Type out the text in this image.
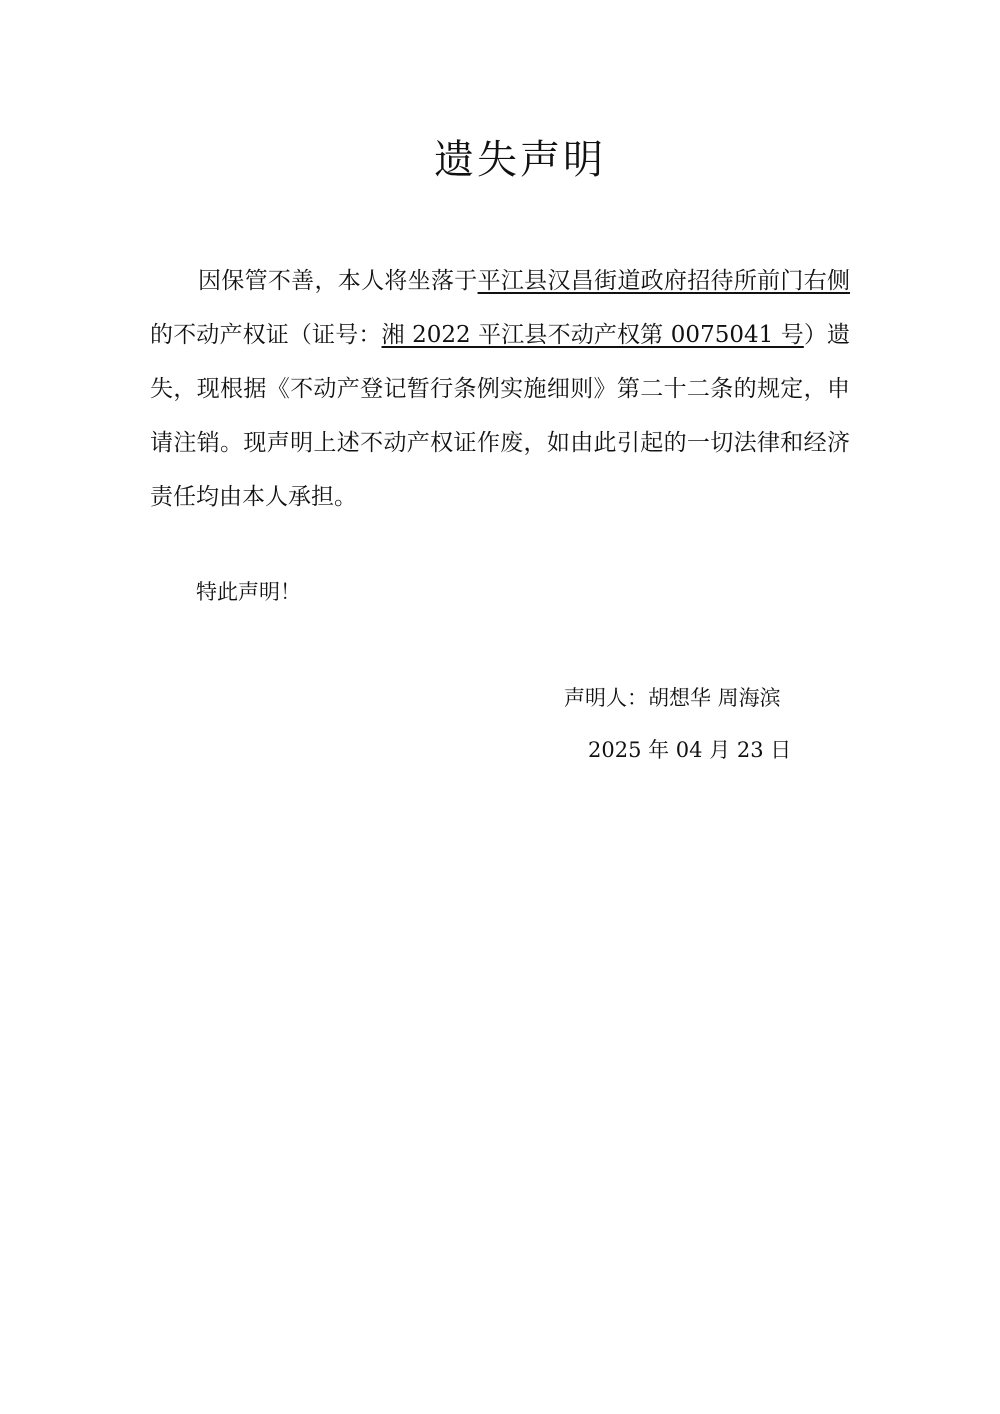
遗失声明

因保管不善，本人将坐落于平江县汉昌街道政府招待所前门右侧的不动产权证（证号：湘 2022 平江县不动产权第 0075041 号）遗失，现根据《不动产登记暂行条例实施细则》第二十二条的规定，申请注销。现声明上述不动产权证作废，如由此引起的一切法律和经济责任均由本人承担。

特此声明！
声明人：胡想华 周海滨
2025 年 04 月 23 日
